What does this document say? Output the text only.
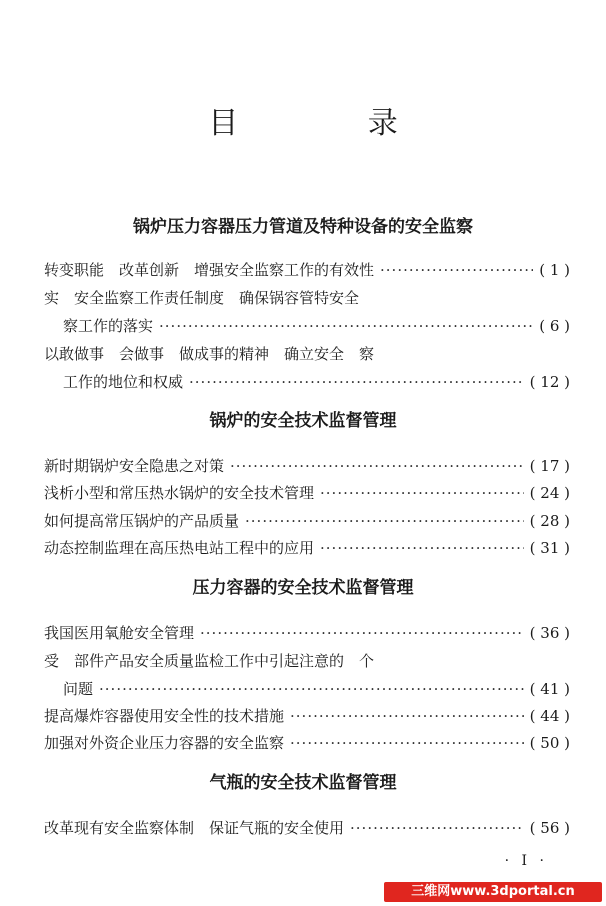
目 录
锅炉压力容器压力管道及特种设备的安全监察
转变职能　改革创新　增强安全监察工作的有效性 ·····	( 1 )
实　安全监察工作责任制度　确保锅容管特安全
察工作的落实 ·····	( 6 )
以敢做事　会做事　做成事的精神　确立安全　察
工作的地位和权威 ·····	( 12 )
锅炉的安全技术监督管理
新时期锅炉安全隐患之对策 ·····	( 17 )
浅析小型和常压热水锅炉的安全技术管理 ·····	( 24 )
如何提高常压锅炉的产品质量 ·····	( 28 )
动态控制监理在高压热电站工程中的应用 ·····	( 31 )
压力容器的安全技术监督管理
我国医用氧舱安全管理 ·····	( 36 )
受　部件产品安全质量监检工作中引起注意的　个
问题 ·····	( 41 )
提高爆炸容器使用安全性的技术措施 ·····	( 44 )
加强对外资企业压力容器的安全监察 ·····	( 50 )
气瓶的安全技术监督管理
改革现有安全监察体制　保证气瓶的安全使用 ·····	( 56 )
· I ·
三维网www.3dportal.cn
